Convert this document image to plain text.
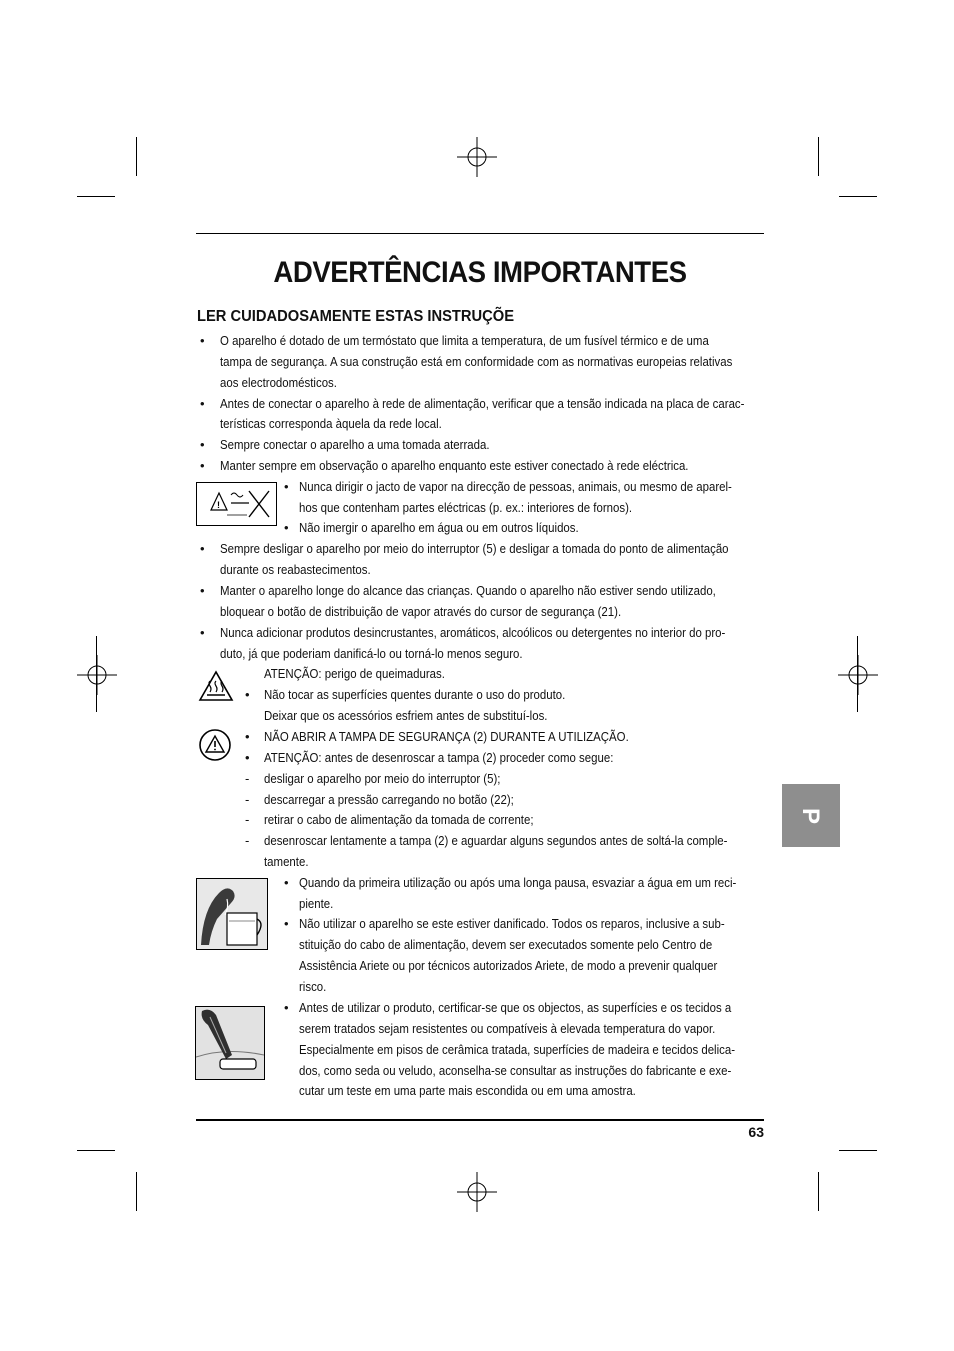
ADVERTÊNCIAS IMPORTANTES
LER CUIDADOSAMENTE ESTAS INSTRUÇÕE
• O aparelho é dotado de um termóstato que limita a temperatura, de um fusível térmico e de uma
tampa de segurança. A sua construção está em conformidade com as normativas europeias relativas
aos electrodomésticos.
• Antes de conectar o aparelho à rede de alimentação, verificar que a tensão indicada na placa de carac-
terísticas corresponda àquela da rede local.
• Sempre conectar o aparelho a uma tomada aterrada.
• Manter sempre em observação o aparelho enquanto este estiver conectado à rede eléctrica.
!
• Nunca dirigir o jacto de vapor na direcção de pessoas, animais, ou mesmo de aparel-
hos que contenham partes eléctricas (p. ex.: interiores de fornos).
• Não imergir o aparelho em água ou em outros líquidos.
• Sempre desligar o aparelho por meio do interruptor (5) e desligar a tomada do ponto de alimentação
durante os reabastecimentos.
• Manter o aparelho longe do alcance das crianças. Quando o aparelho não estiver sendo utilizado,
bloquear o botão de distribuição de vapor através do cursor de segurança (21).
• Nunca adicionar produtos desincrustantes, aromáticos, alcoólicos ou detergentes no interior do pro-
duto, já que poderiam danificá-lo ou torná-lo menos seguro.
ATENÇÃO: perigo de queimaduras.
• Não tocar as superfícies quentes durante o uso do produto.
Deixar que os acessórios esfriem antes de substituí-los.
• NÃO ABRIR A TAMPA DE SEGURANÇA (2) DURANTE A UTILIZAÇÃO.
• ATENÇÃO: antes de desenroscar a tampa (2) proceder como segue:
- desligar o aparelho por meio do interruptor (5);
- descarregar a pressão carregando no botão (22);
- retirar o cabo de alimentação da tomada de corrente;
- desenroscar lentamente a tampa (2) e aguardar alguns segundos antes de soltá-la comple-
tamente.
• Quando da primeira utilização ou após uma longa pausa, esvaziar a água em um reci-
piente.
• Não utilizar o aparelho se este estiver danificado. Todos os reparos, inclusive a sub-
stituição do cabo de alimentação, devem ser executados somente pelo Centro de
Assistência Ariete ou por técnicos autorizados Ariete, de modo a prevenir qualquer
risco.
• Antes de utilizar o produto, certificar-se que os objectos, as superfícies e os tecidos a
serem tratados sejam resistentes ou compatíveis à elevada temperatura do vapor.
Especialmente em pisos de cerâmica tratada, superfícies de madeira e tecidos delica-
dos, como seda ou veludo, aconselha-se consultar as instruções do fabricante e exe-
cutar um teste em uma parte mais escondida ou em uma amostra.
P
63
